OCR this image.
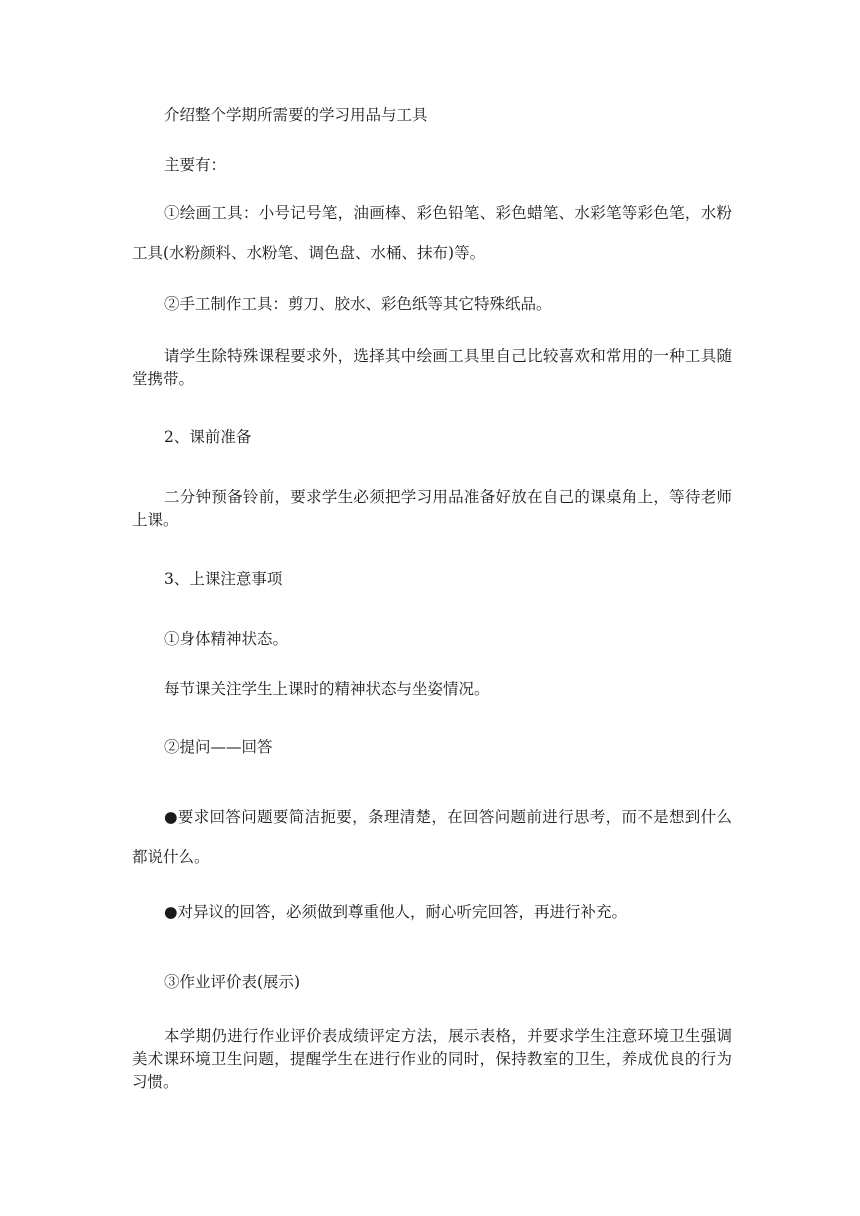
介绍整个学期所需要的学习用品与工具

主要有：

①绘画工具：小号记号笔，油画棒、彩色铅笔、彩色蜡笔、水彩笔等彩色笔，水粉工具(水粉颜料、水粉笔、调色盘、水桶、抹布)等。

②手工制作工具：剪刀、胶水、彩色纸等其它特殊纸品。

请学生除特殊课程要求外，选择其中绘画工具里自己比较喜欢和常用的一种工具随堂携带。

2、课前准备

二分钟预备铃前，要求学生必须把学习用品准备好放在自己的课桌角上，等待老师上课。

3、上课注意事项

①身体精神状态。

每节课关注学生上课时的精神状态与坐姿情况。

②提问——回答

●要求回答问题要简洁扼要，条理清楚，在回答问题前进行思考，而不是想到什么都说什么。

●对异议的回答，必须做到尊重他人，耐心听完回答，再进行补充。

③作业评价表(展示)

本学期仍进行作业评价表成绩评定方法，展示表格，并要求学生注意环境卫生强调美术课环境卫生问题，提醒学生在进行作业的同时，保持教室的卫生，养成优良的行为习惯。
